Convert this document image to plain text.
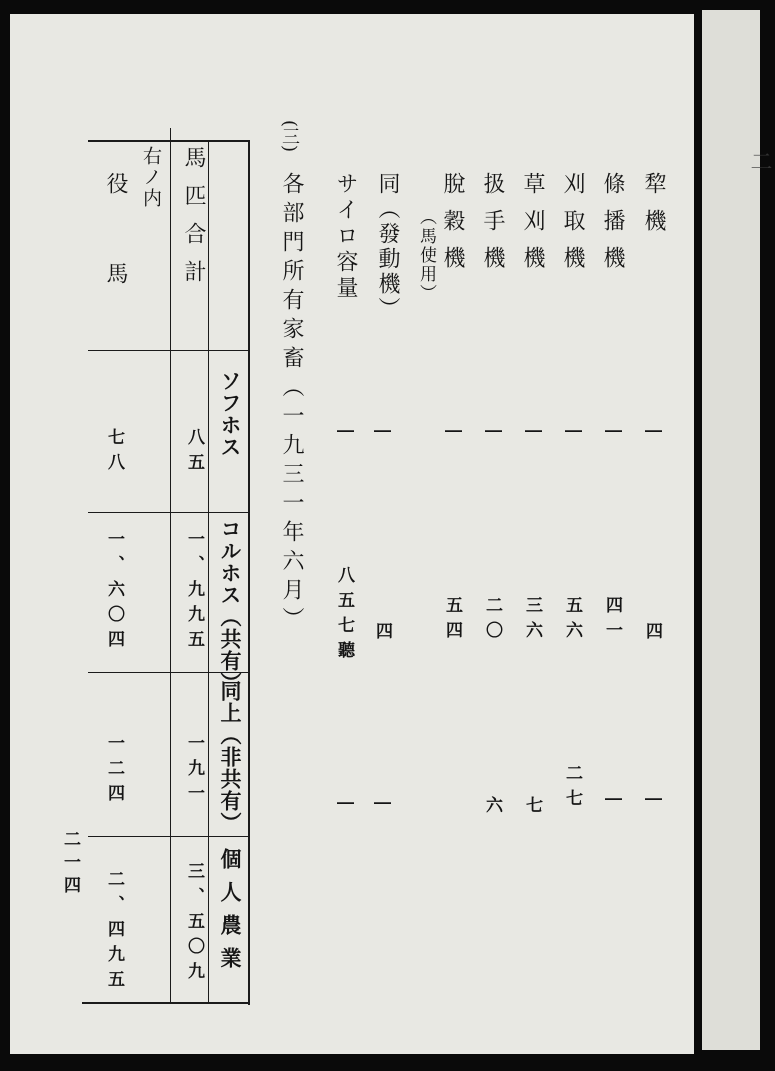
二
犂機
條播機
刈取機
草刈機
扱手機
脫穀機
（馬使用）
同（發動機）
サイロ容量
|
|
|
|
|
|
|
|
四
四一
五六
三六
二〇
五四
四
八五七聽
|
|
二七
七
六
|
|
(三)
各部門所有家畜（一九三一年六月）
ソフホス
コルホス（共有）
同上（非共有）
個人農業
馬匹合計
右ノ内
役馬
八五
一、九九五
一九一
三、五〇九
七八
一、六〇四
一二四
二、四九五
二一四
